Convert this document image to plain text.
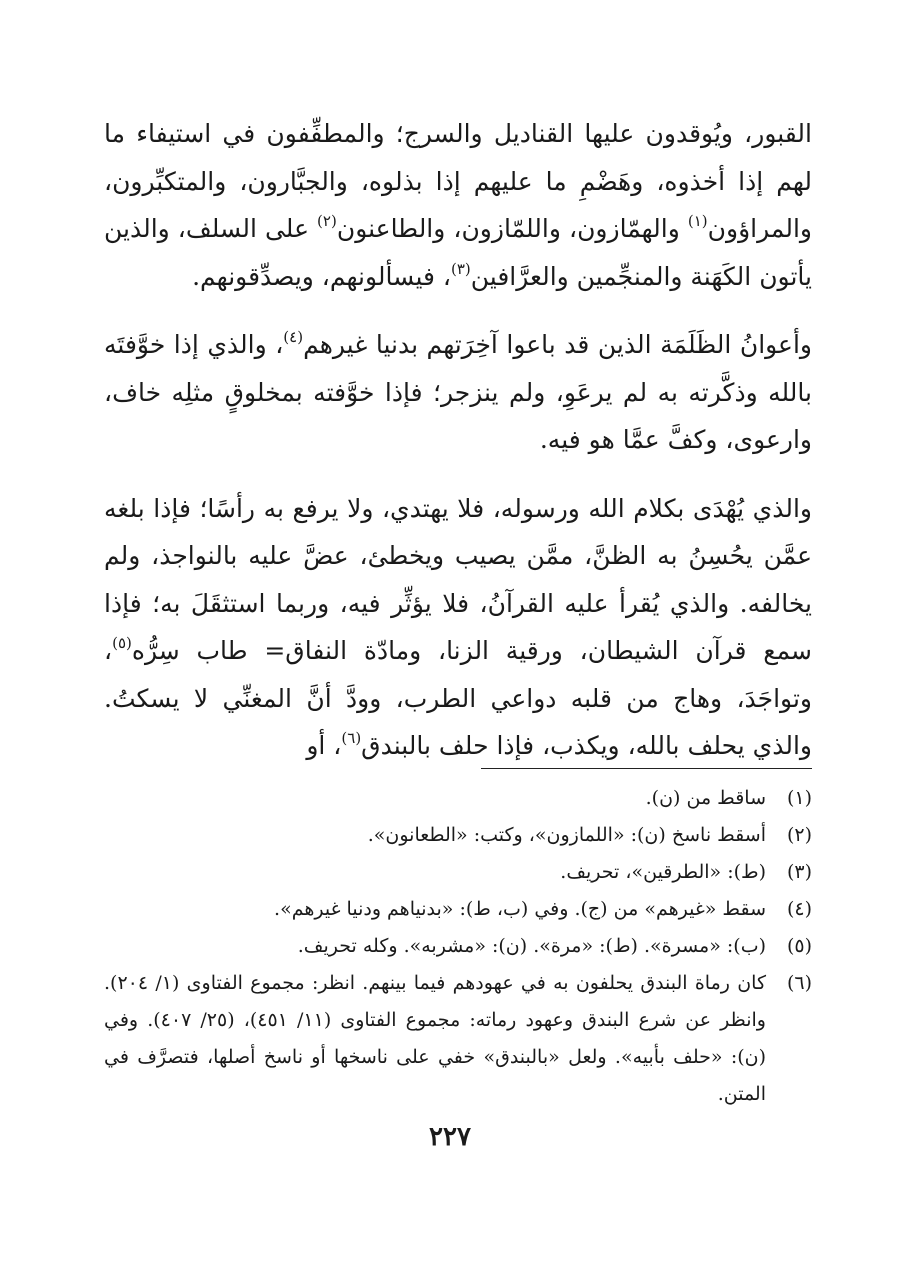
القبور، ويُوقدون عليها القناديل والسرج؛ والمطفِّفون في استيفاء ما لهم إذا أخذوه، وهَضْمِ ما عليهم إذا بذلوه، والجبَّارون، والمتكبِّرون، والمراؤون$^{(١)}$ والهمّازون، واللمّازون، والطاعنون$^{(٢)}$ على السلف، والذين يأتون الكَهَنة والمنجِّمين والعرَّافين$^{(٣)}$، فيسألونهم، ويصدِّقونهم.

وأعوانُ الظَلَمَة الذين قد باعوا آخِرَتهم بدنيا غيرهم$^{(٤)}$، والذي إذا خوَّفتَه بالله وذكَّرته به لم يرعَوِ، ولم ينزجر؛ فإذا خوَّفته بمخلوقٍ مثلِه خاف، وارعوى، وكفَّ عمَّا هو فيه.

والذي يُهْدَى بكلام الله ورسوله، فلا يهتدي، ولا يرفع به رأسًا؛ فإذا بلغه عمَّن يحُسِنُ به الظنَّ، ممَّن يصيب ويخطئ، عضَّ عليه بالنواجذ، ولم يخالفه. والذي يُقرأ عليه القرآنُ، فلا يؤثِّر فيه، وربما استثقَلَ به؛ فإذا سمع قرآن الشيطان، ورقية الزنا، ومادّة النفاق= طاب سِرُّه$^{(٥)}$، وتواجَدَ، وهاج من قلبه دواعي الطرب، وودَّ أنَّ المغنِّي لا يسكتُ. والذي يحلف بالله، ويكذب، فإذا حلف بالبندق$^{(٦)}$، أو

(١)
ساقط من (ن).
(٢)
أسقط ناسخ (ن): «اللمازون»، وكتب: «الطعانون».
(٣)
(ط): «الطرقين»، تحريف.
(٤)
سقط «غيرهم» من (ج). وفي (ب، ط): «بدنياهم ودنيا غيرهم».
(٥)
(ب): «مسرة». (ط): «مرة». (ن): «مشربه». وكله تحريف.
(٦)
كان رماة البندق يحلفون به في عهودهم فيما بينهم. انظر: مجموع الفتاوى (١/ ٢٠٤). وانظر عن شرع البندق وعهود رماته: مجموع الفتاوى (١١/ ٤٥١)، (٢٥/ ٤٠٧). وفي (ن): «حلف بأبيه». ولعل «بالبندق» خفي على ناسخها أو ناسخ أصلها، فتصرَّف في المتن.
٢٢٧
